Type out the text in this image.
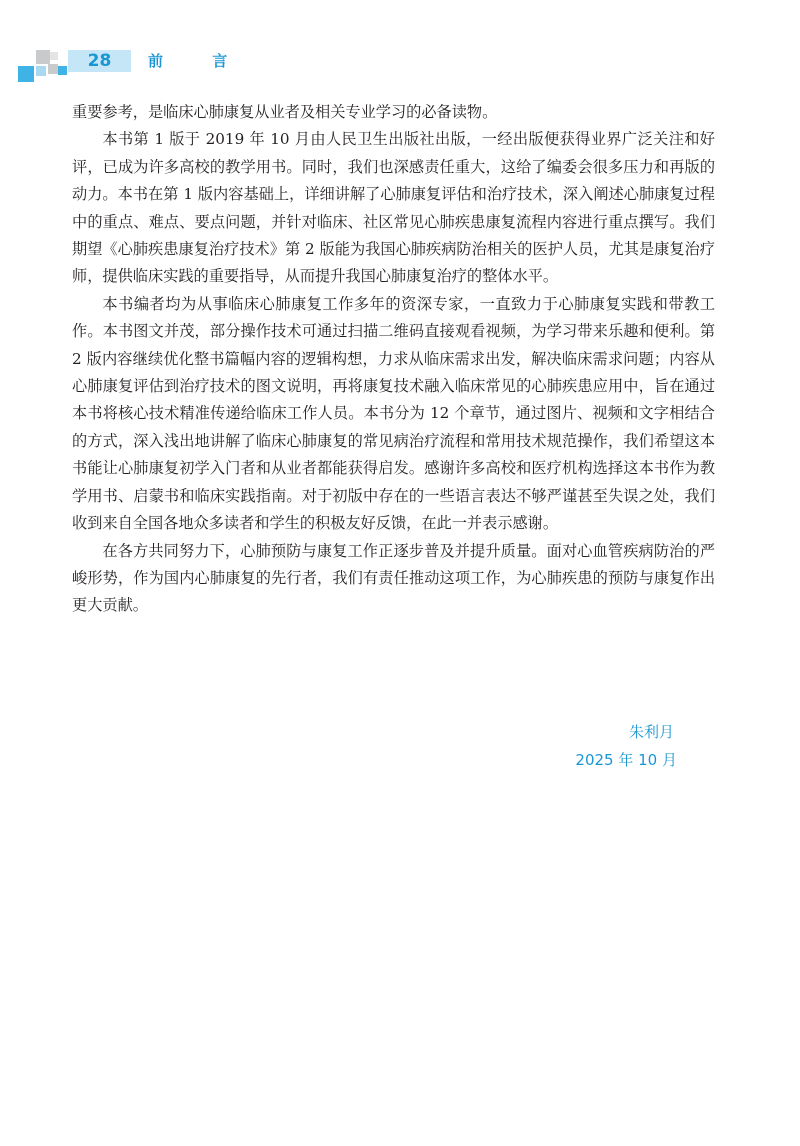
28	前 言

重要参考，是临床心肺康复从业者及相关专业学习的必备读物。

本书第 1 版于 2019 年 10 月由人民卫生出版社出版，一经出版便获得业界广泛关注和好评，已成为许多高校的教学用书。同时，我们也深感责任重大，这给了编委会很多压力和再版的动力。本书在第 1 版内容基础上，详细讲解了心肺康复评估和治疗技术，深入阐述心肺康复过程中的重点、难点、要点问题，并针对临床、社区常见心肺疾患康复流程内容进行重点撰写。我们期望《心肺疾患康复治疗技术》第 2 版能为我国心肺疾病防治相关的医护人员，尤其是康复治疗师，提供临床实践的重要指导，从而提升我国心肺康复治疗的整体水平。

本书编者均为从事临床心肺康复工作多年的资深专家，一直致力于心肺康复实践和带教工作。本书图文并茂，部分操作技术可通过扫描二维码直接观看视频，为学习带来乐趣和便利。第 2 版内容继续优化整书篇幅内容的逻辑构想，力求从临床需求出发，解决临床需求问题；内容从心肺康复评估到治疗技术的图文说明，再将康复技术融入临床常见的心肺疾患应用中，旨在通过本书将核心技术精准传递给临床工作人员。本书分为 12 个章节，通过图片、视频和文字相结合的方式，深入浅出地讲解了临床心肺康复的常见病治疗流程和常用技术规范操作，我们希望这本书能让心肺康复初学入门者和从业者都能获得启发。感谢许多高校和医疗机构选择这本书作为教学用书、启蒙书和临床实践指南。对于初版中存在的一些语言表达不够严谨甚至失误之处，我们收到来自全国各地众多读者和学生的积极友好反馈，在此一并表示感谢。

在各方共同努力下，心肺预防与康复工作正逐步普及并提升质量。面对心血管疾病防治的严峻形势，作为国内心肺康复的先行者，我们有责任推动这项工作，为心肺疾患的预防与康复作出更大贡献。

朱利月
2025 年 10 月
